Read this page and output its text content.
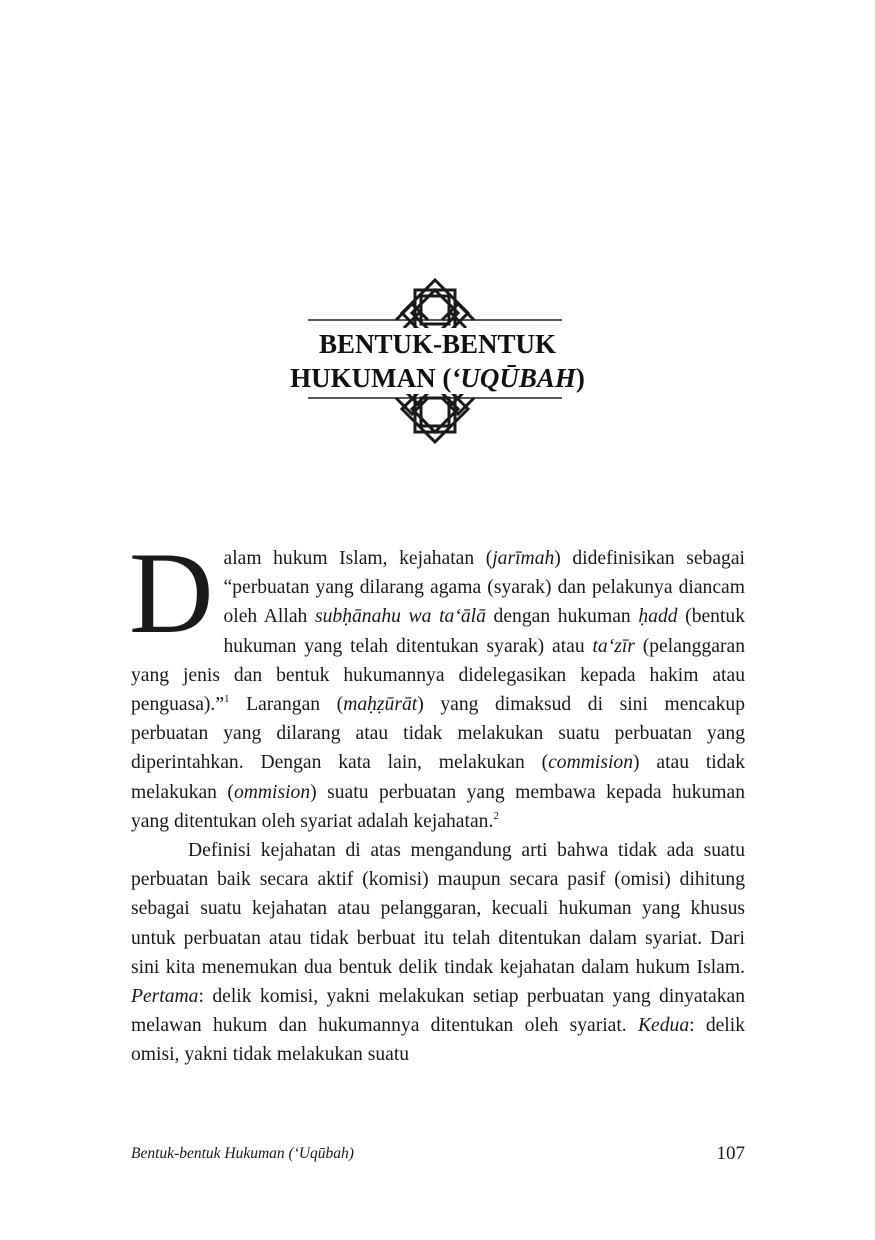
BENTUK-BENTUK
HUKUMAN (‘UQŪBAH)

Dalam hukum Islam, kejahatan (jarīmah) didefinisikan sebagai “perbuatan yang dilarang agama (syarak) dan pelakunya diancam oleh Allah subḥānahu wa ta‘ālā dengan hukuman ḥadd (bentuk hukuman yang telah ditentukan syarak) atau ta‘zīr (pelanggaran yang jenis dan bentuk hukumannya didelegasikan kepada hakim atau penguasa).”$^1$ Larangan (maḥẓūrāt) yang dimaksud di sini mencakup perbuatan yang dilarang atau tidak melakukan suatu perbuatan yang diperintahkan. Dengan kata lain, melakukan (commision) atau tidak melakukan (ommision) suatu perbuatan yang membawa kepada hukuman yang ditentukan oleh syariat adalah kejahatan.$^2$

Definisi kejahatan di atas mengandung arti bahwa tidak ada suatu perbuatan baik secara aktif (komisi) maupun secara pasif (omisi) dihitung sebagai suatu kejahatan atau pelanggaran, kecuali hukuman yang khusus untuk perbuatan atau tidak berbuat itu telah ditentukan dalam syariat. Dari sini kita menemukan dua bentuk delik tindak kejahatan dalam hukum Islam. Pertama: delik komisi, yakni melakukan setiap perbuatan yang dinyatakan melawan hukum dan hukumannya ditentukan oleh syariat. Kedua: delik omisi, yakni tidak melakukan suatu

Bentuk-bentuk Hukuman (‘Uqūbah)	107
